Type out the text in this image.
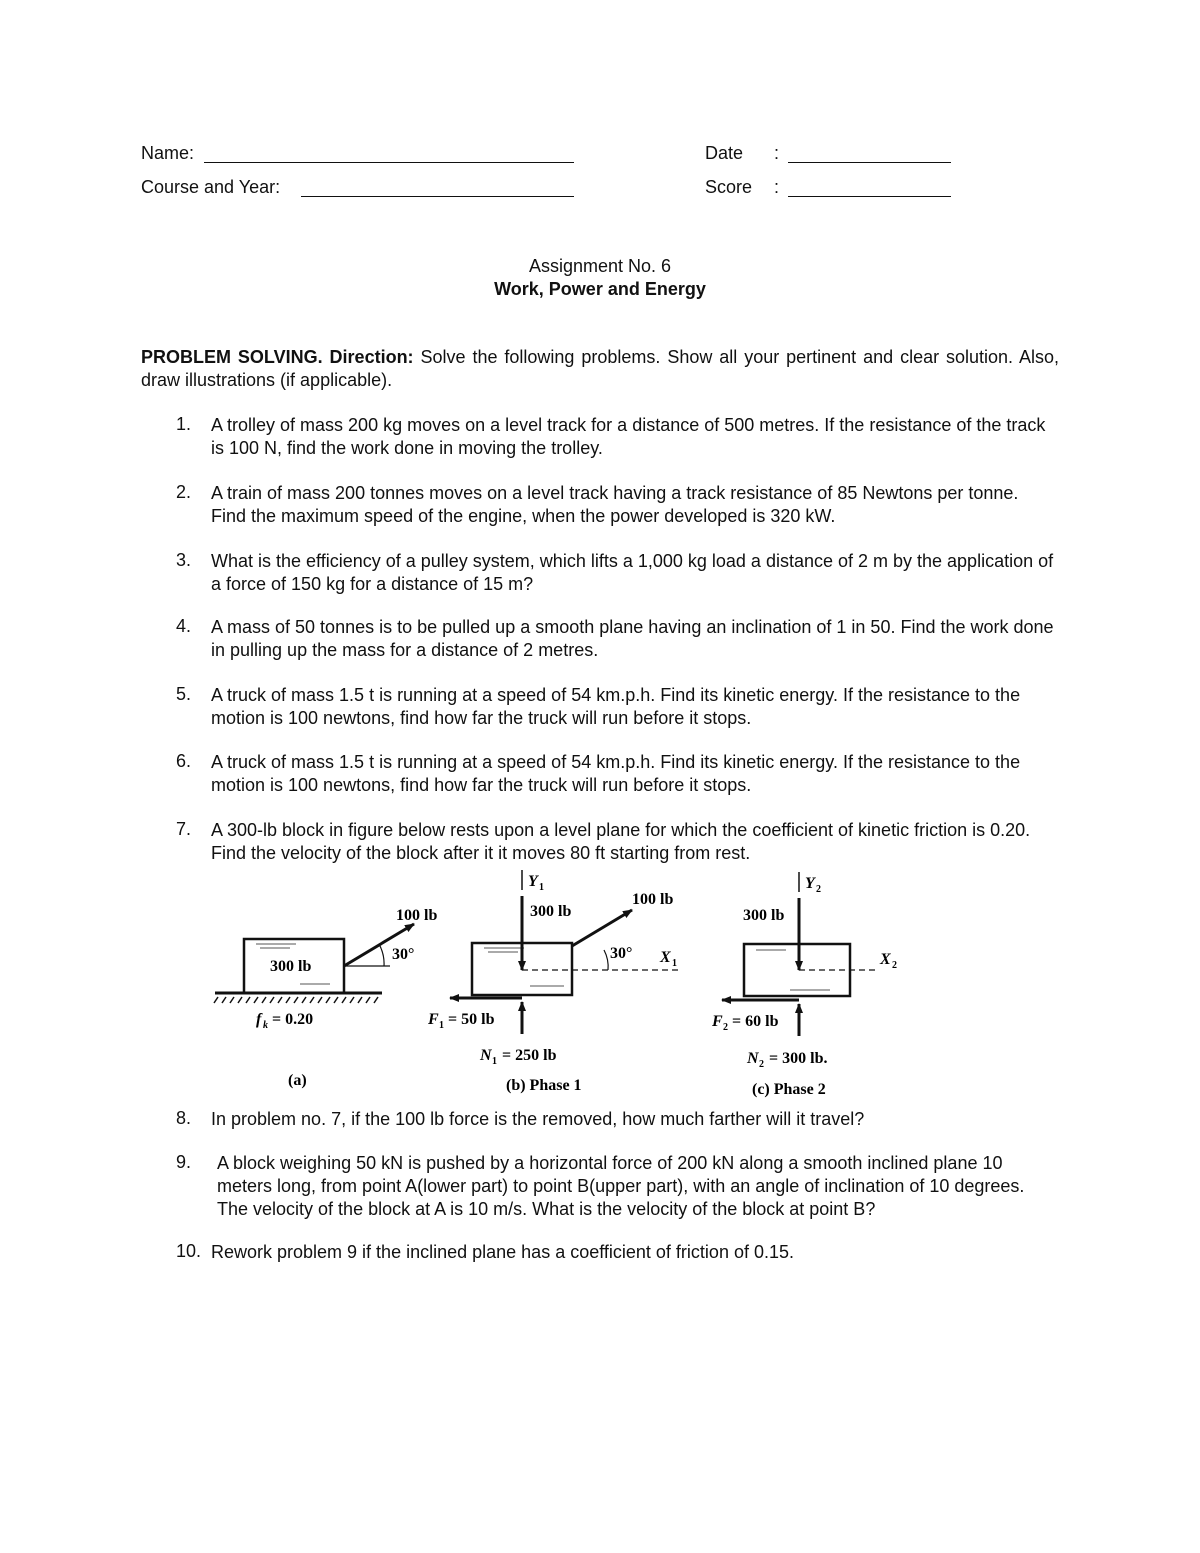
Name:
Course and Year:
Date :
Score :
Assignment No. 6
Work, Power and Energy
PROBLEM SOLVING. Direction: Solve the following problems. Show all your pertinent and clear solution. Also, draw illustrations (if applicable).
1. A trolley of mass 200 kg moves on a level track for a distance of 500 metres. If the resistance of the track is 100 N, find the work done in moving the trolley.
2. A train of mass 200 tonnes moves on a level track having a track resistance of 85 Newtons per tonne. Find the maximum speed of the engine, when the power developed is 320 kW.
3. What is the efficiency of a pulley system, which lifts a 1,000 kg load a distance of 2 m by the application of a force of 150 kg for a distance of 15 m?
4. A mass of 50 tonnes is to be pulled up a smooth plane having an inclination of 1 in 50. Find the work done in pulling up the mass for a distance of 2 metres.
5. A truck of mass 1.5 t is running at a speed of 54 km.p.h. Find its kinetic energy. If the resistance to the motion is 100 newtons, find how far the truck will run before it stops.
6. A truck of mass 1.5 t is running at a speed of 54 km.p.h. Find its kinetic energy. If the resistance to the motion is 100 newtons, find how far the truck will run before it stops.
7. A 300-lb block in figure below rests upon a level plane for which the coefficient of kinetic friction is 0.20. Find the velocity of the block after it it moves 80 ft starting from rest.
100 lb
30°
300 lb
f k = 0.20
(a)
Y 1
100 lb
30°
300 lb
X 1
F 1 = 50 lb
N 1 = 250 lb
(b) Phase 1
Y 2
300 lb
X 2
F 2 = 60 lb
N 2 = 300 lb.
(c) Phase 2
8. In problem no. 7, if the 100 lb force is the removed, how much farther will it travel?
9. A block weighing 50 kN is pushed by a horizontal force of 200 kN along a smooth inclined plane 10 meters long, from point A(lower part) to point B(upper part), with an angle of inclination of 10 degrees. The velocity of the block at A is 10 m/s. What is the velocity of the block at point B?
10. Rework problem 9 if the inclined plane has a coefficient of friction of 0.15.
